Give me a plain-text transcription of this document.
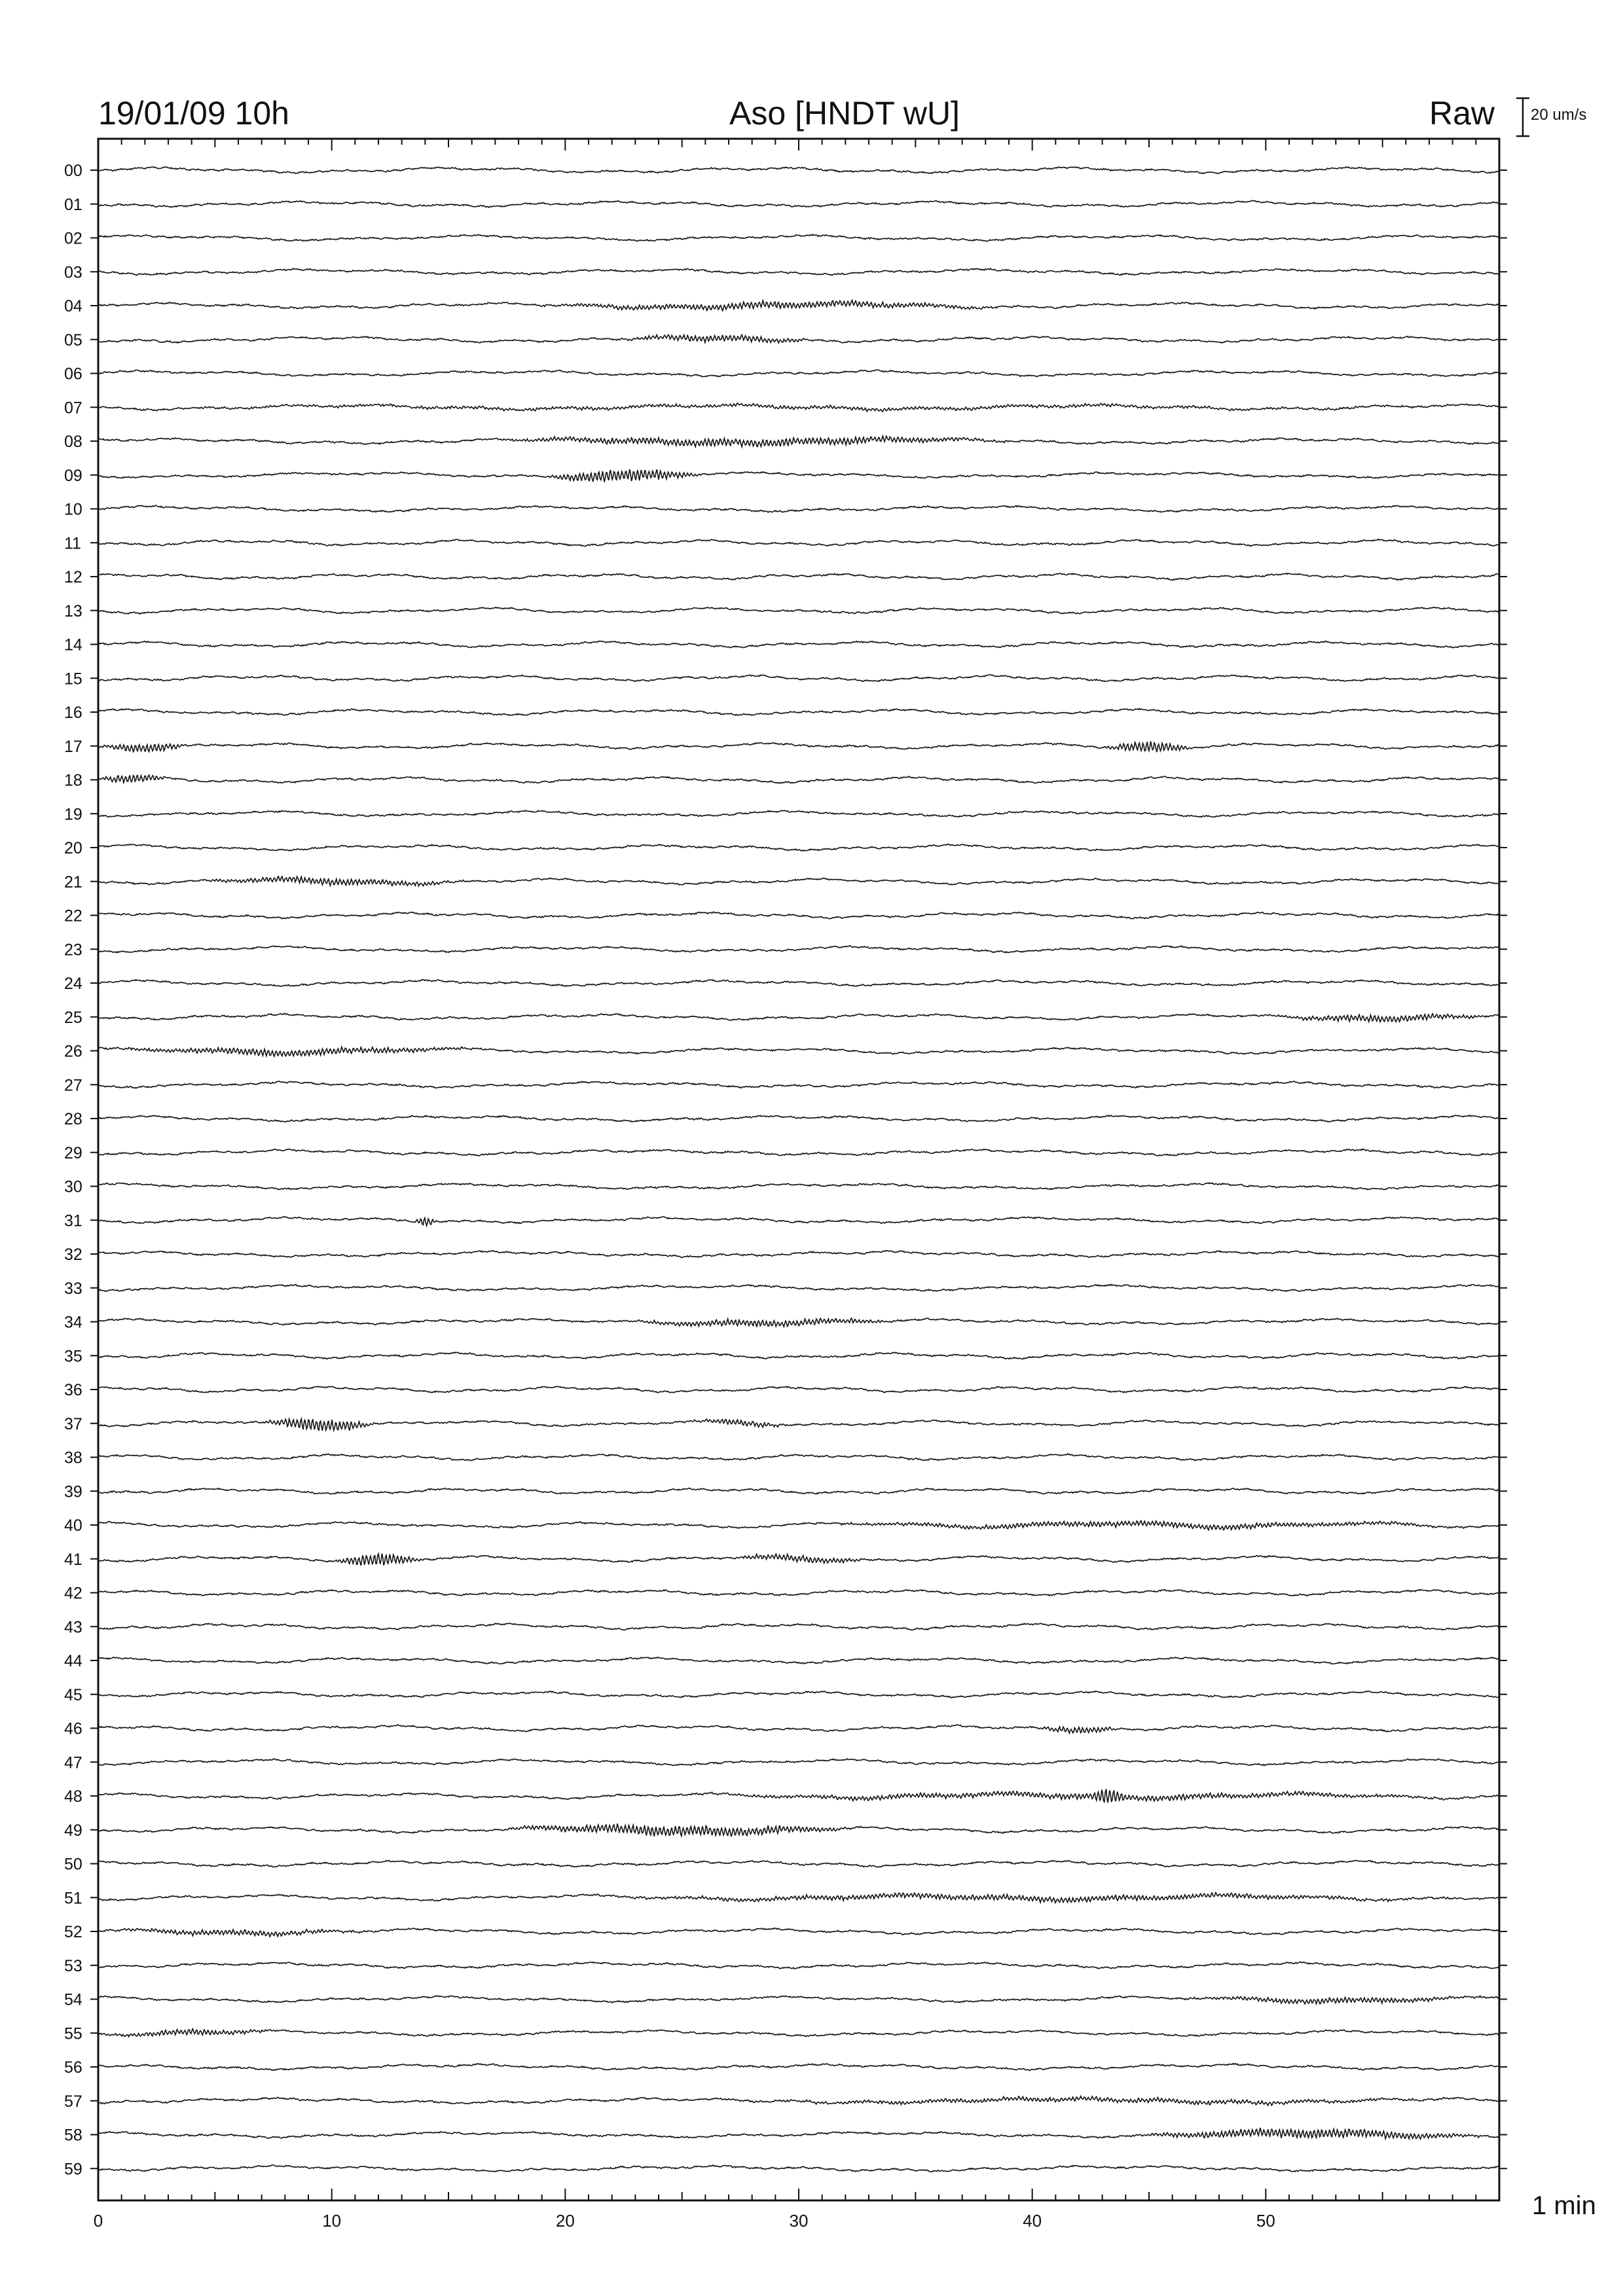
19/01/09 10h	Aso [HNDT wU]	Raw 20 um/s
1 min
00
01
02
03
04
05
06
07
08
09
10
11
12
13
14
15
16
17
18
19
20
21
22
23
24
25
26
27
28
29
30
31
32
33
34
35
36
37
38
39
40
41
42
43
44
45
46
47
48
49
50
51
52
53
54
55
56
57
58
59
0	10	20	30	40	50
